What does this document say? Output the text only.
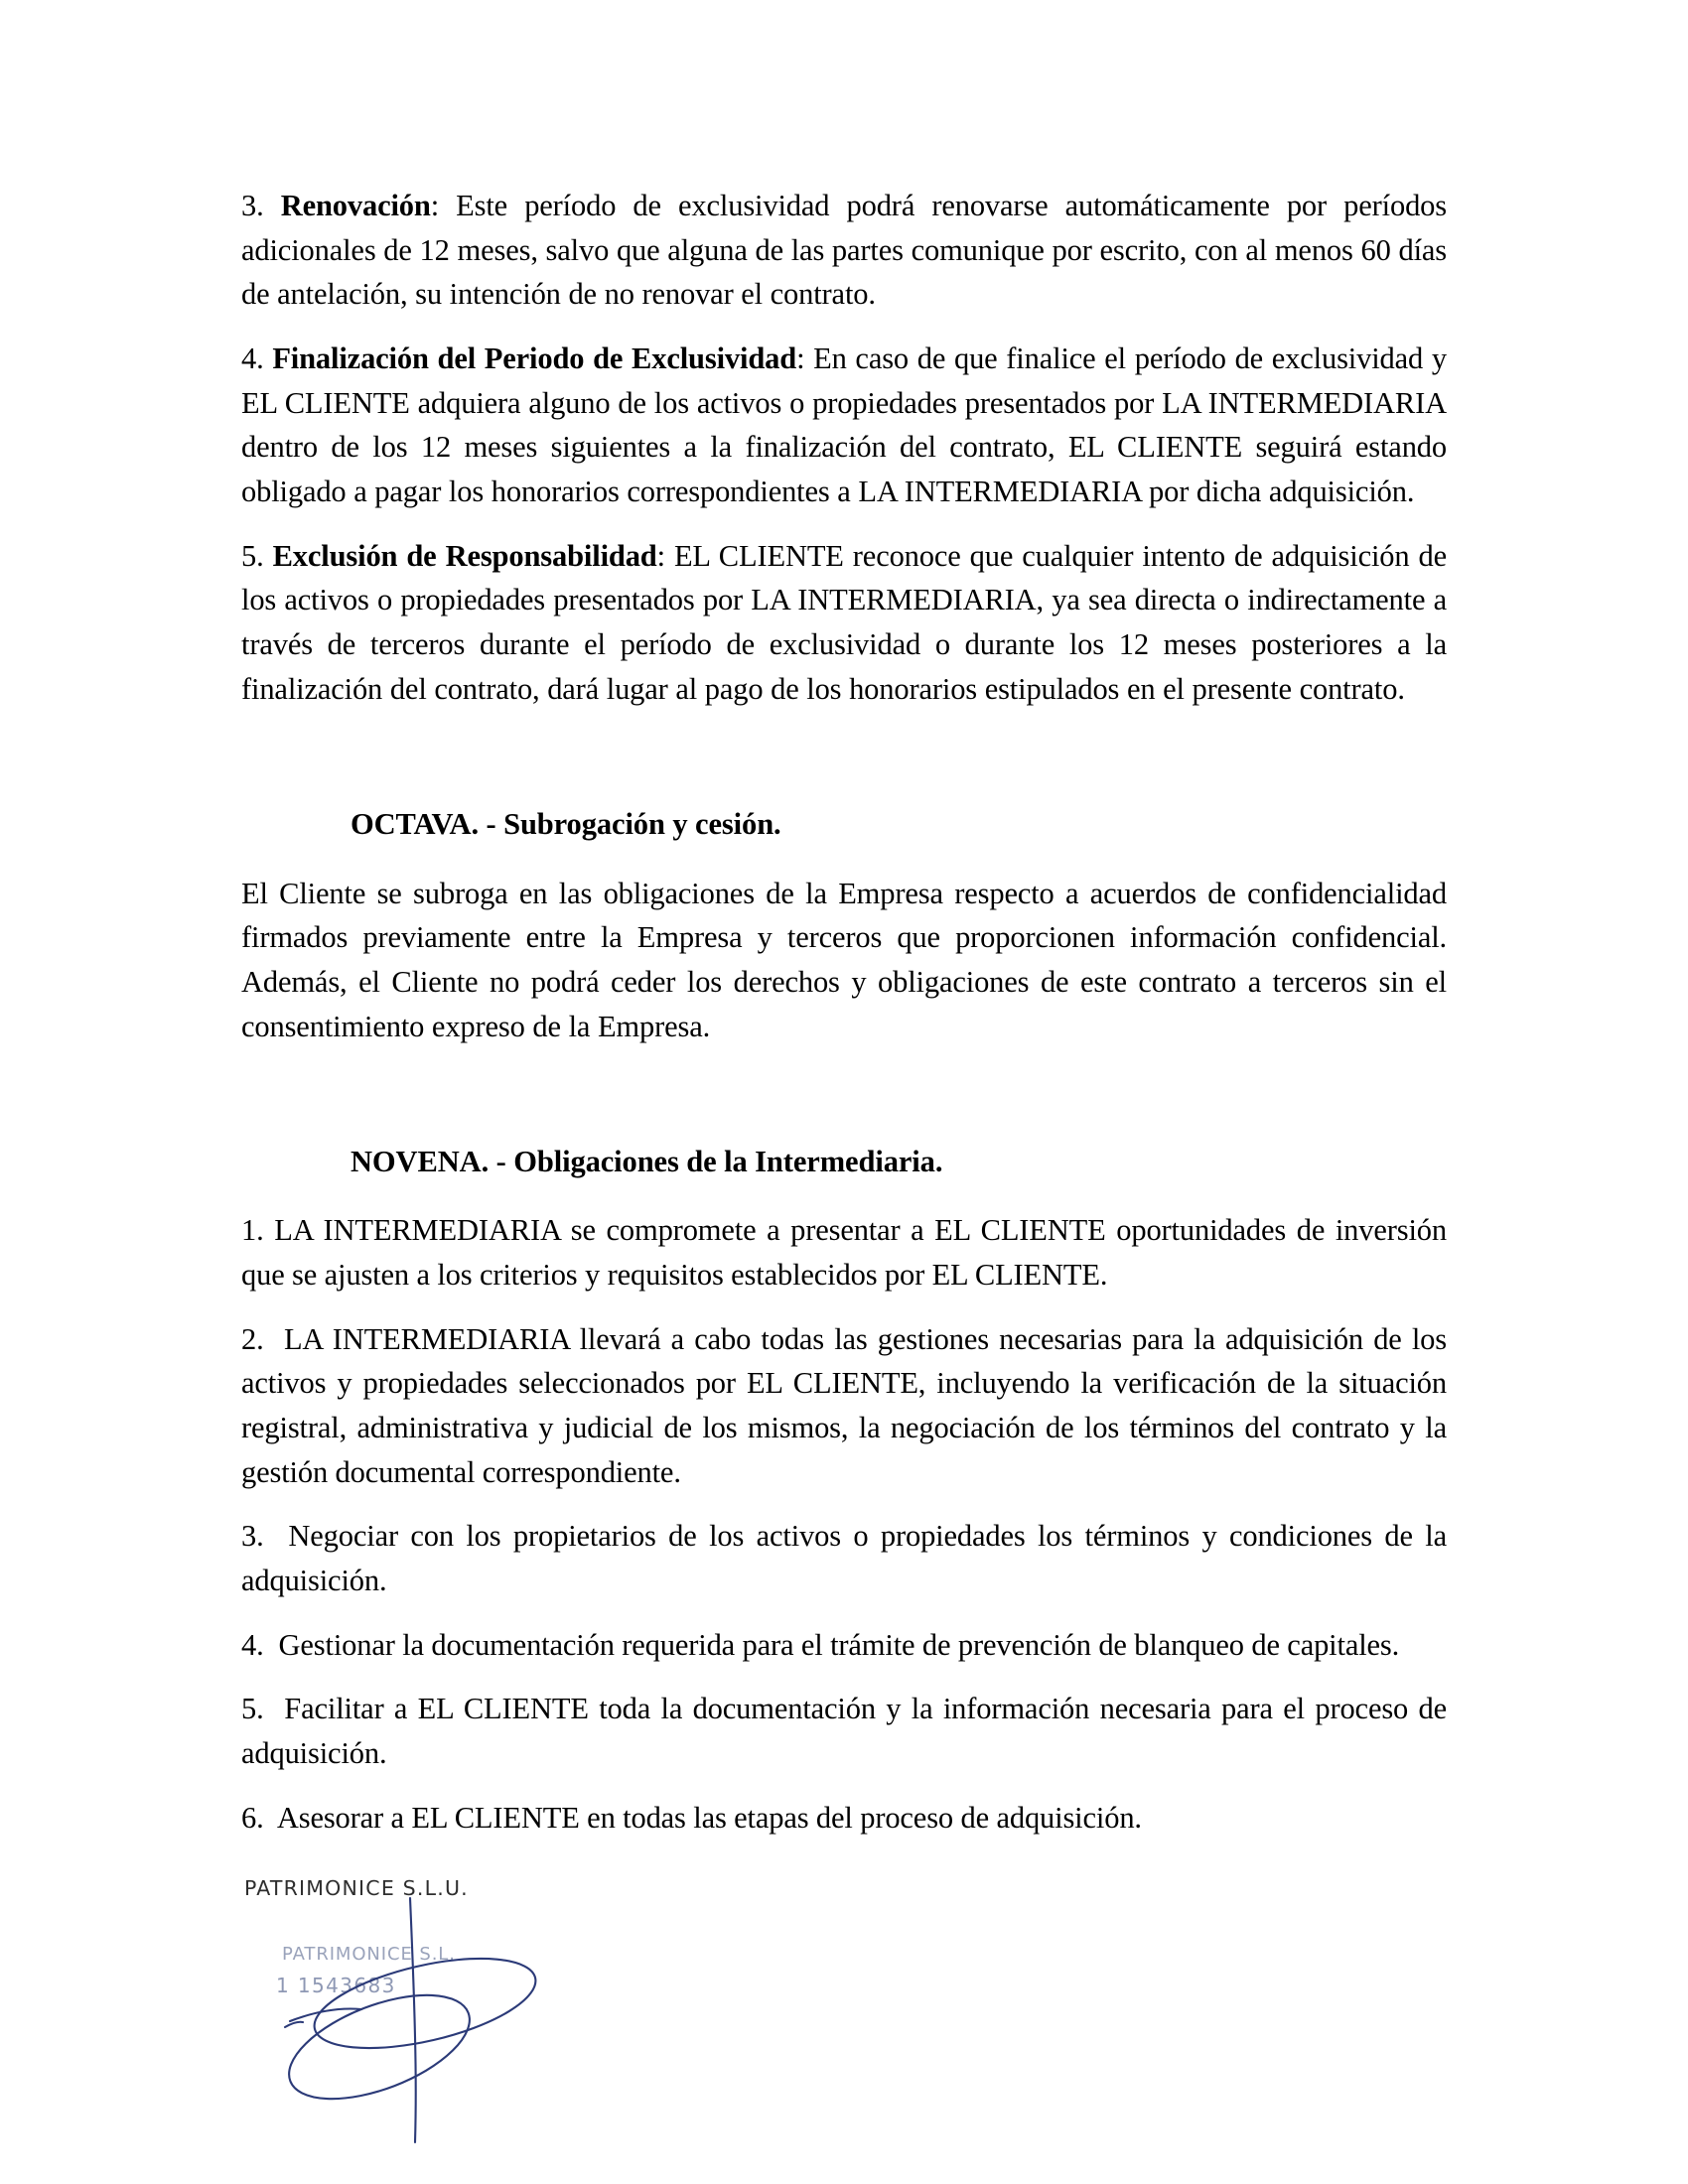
3. Renovación: Este período de exclusividad podrá renovarse automáticamente por períodos adicionales de 12 meses, salvo que alguna de las partes comunique por escrito, con al menos 60 días de antelación, su intención de no renovar el contrato.

4. Finalización del Periodo de Exclusividad: En caso de que finalice el período de exclusividad y EL CLIENTE adquiera alguno de los activos o propiedades presentados por LA INTERMEDIARIA dentro de los 12 meses siguientes a la finalización del contrato, EL CLIENTE seguirá estando obligado a pagar los honorarios correspondientes a LA INTERMEDIARIA por dicha adquisición.

5. Exclusión de Responsabilidad: EL CLIENTE reconoce que cualquier intento de adquisición de los activos o propiedades presentados por LA INTERMEDIARIA, ya sea directa o indirectamente a través de terceros durante el período de exclusividad o durante los 12 meses posteriores a la finalización del contrato, dará lugar al pago de los honorarios estipulados en el presente contrato.

OCTAVA. - Subrogación y cesión.

El Cliente se subroga en las obligaciones de la Empresa respecto a acuerdos de confidencialidad firmados previamente entre la Empresa y terceros que proporcionen información confidencial. Además, el Cliente no podrá ceder los derechos y obligaciones de este contrato a terceros sin el consentimiento expreso de la Empresa.

NOVENA. - Obligaciones de la Intermediaria.

1. LA INTERMEDIARIA se compromete a presentar a EL CLIENTE oportunidades de inversión que se ajusten a los criterios y requisitos establecidos por EL CLIENTE.

2. LA INTERMEDIARIA llevará a cabo todas las gestiones necesarias para la adquisición de los activos y propiedades seleccionados por EL CLIENTE, incluyendo la verificación de la situación registral, administrativa y judicial de los mismos, la negociación de los términos del contrato y la gestión documental correspondiente.

3. Negociar con los propietarios de los activos o propiedades los términos y condiciones de la adquisición.

4. Gestionar la documentación requerida para el trámite de prevención de blanqueo de capitales.

5. Facilitar a EL CLIENTE toda la documentación y la información necesaria para el proceso de adquisición.

6. Asesorar a EL CLIENTE en todas las etapas del proceso de adquisición.

PATRIMONICE S.L.U.
PATRIMONICE S.L.
1 1543683
